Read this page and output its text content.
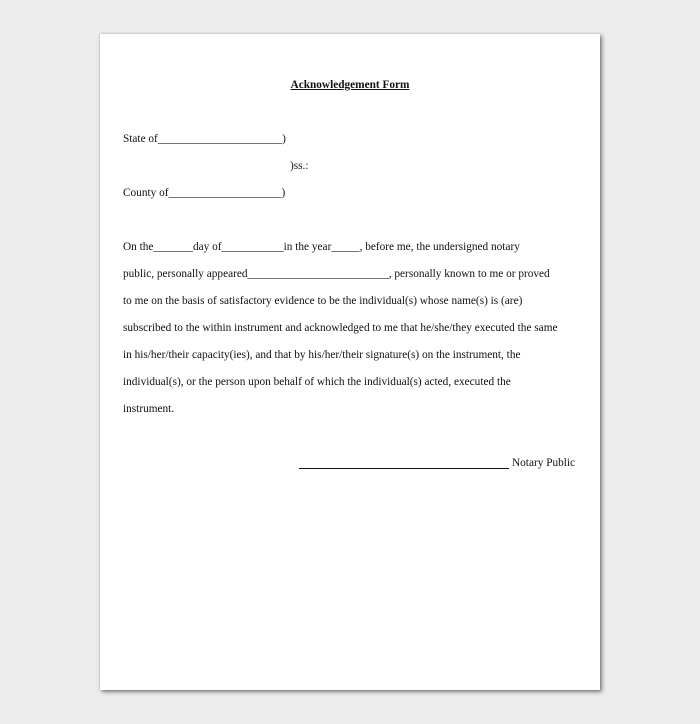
Acknowledgement Form
State of______________________)
)ss.:
County of____________________)
On the_______day of___________in the year_____, before me, the undersigned notary
public, personally appeared_________________________, personally known to me or proved
to me on the basis of satisfactory evidence to be the individual(s) whose name(s) is (are)
subscribed to the within instrument and acknowledged to me that he/she/they executed the same
in his/her/their capacity(ies), and that by his/her/their signature(s) on the instrument, the
individual(s), or the person upon behalf of which the individual(s) acted, executed the
instrument.
Notary Public
